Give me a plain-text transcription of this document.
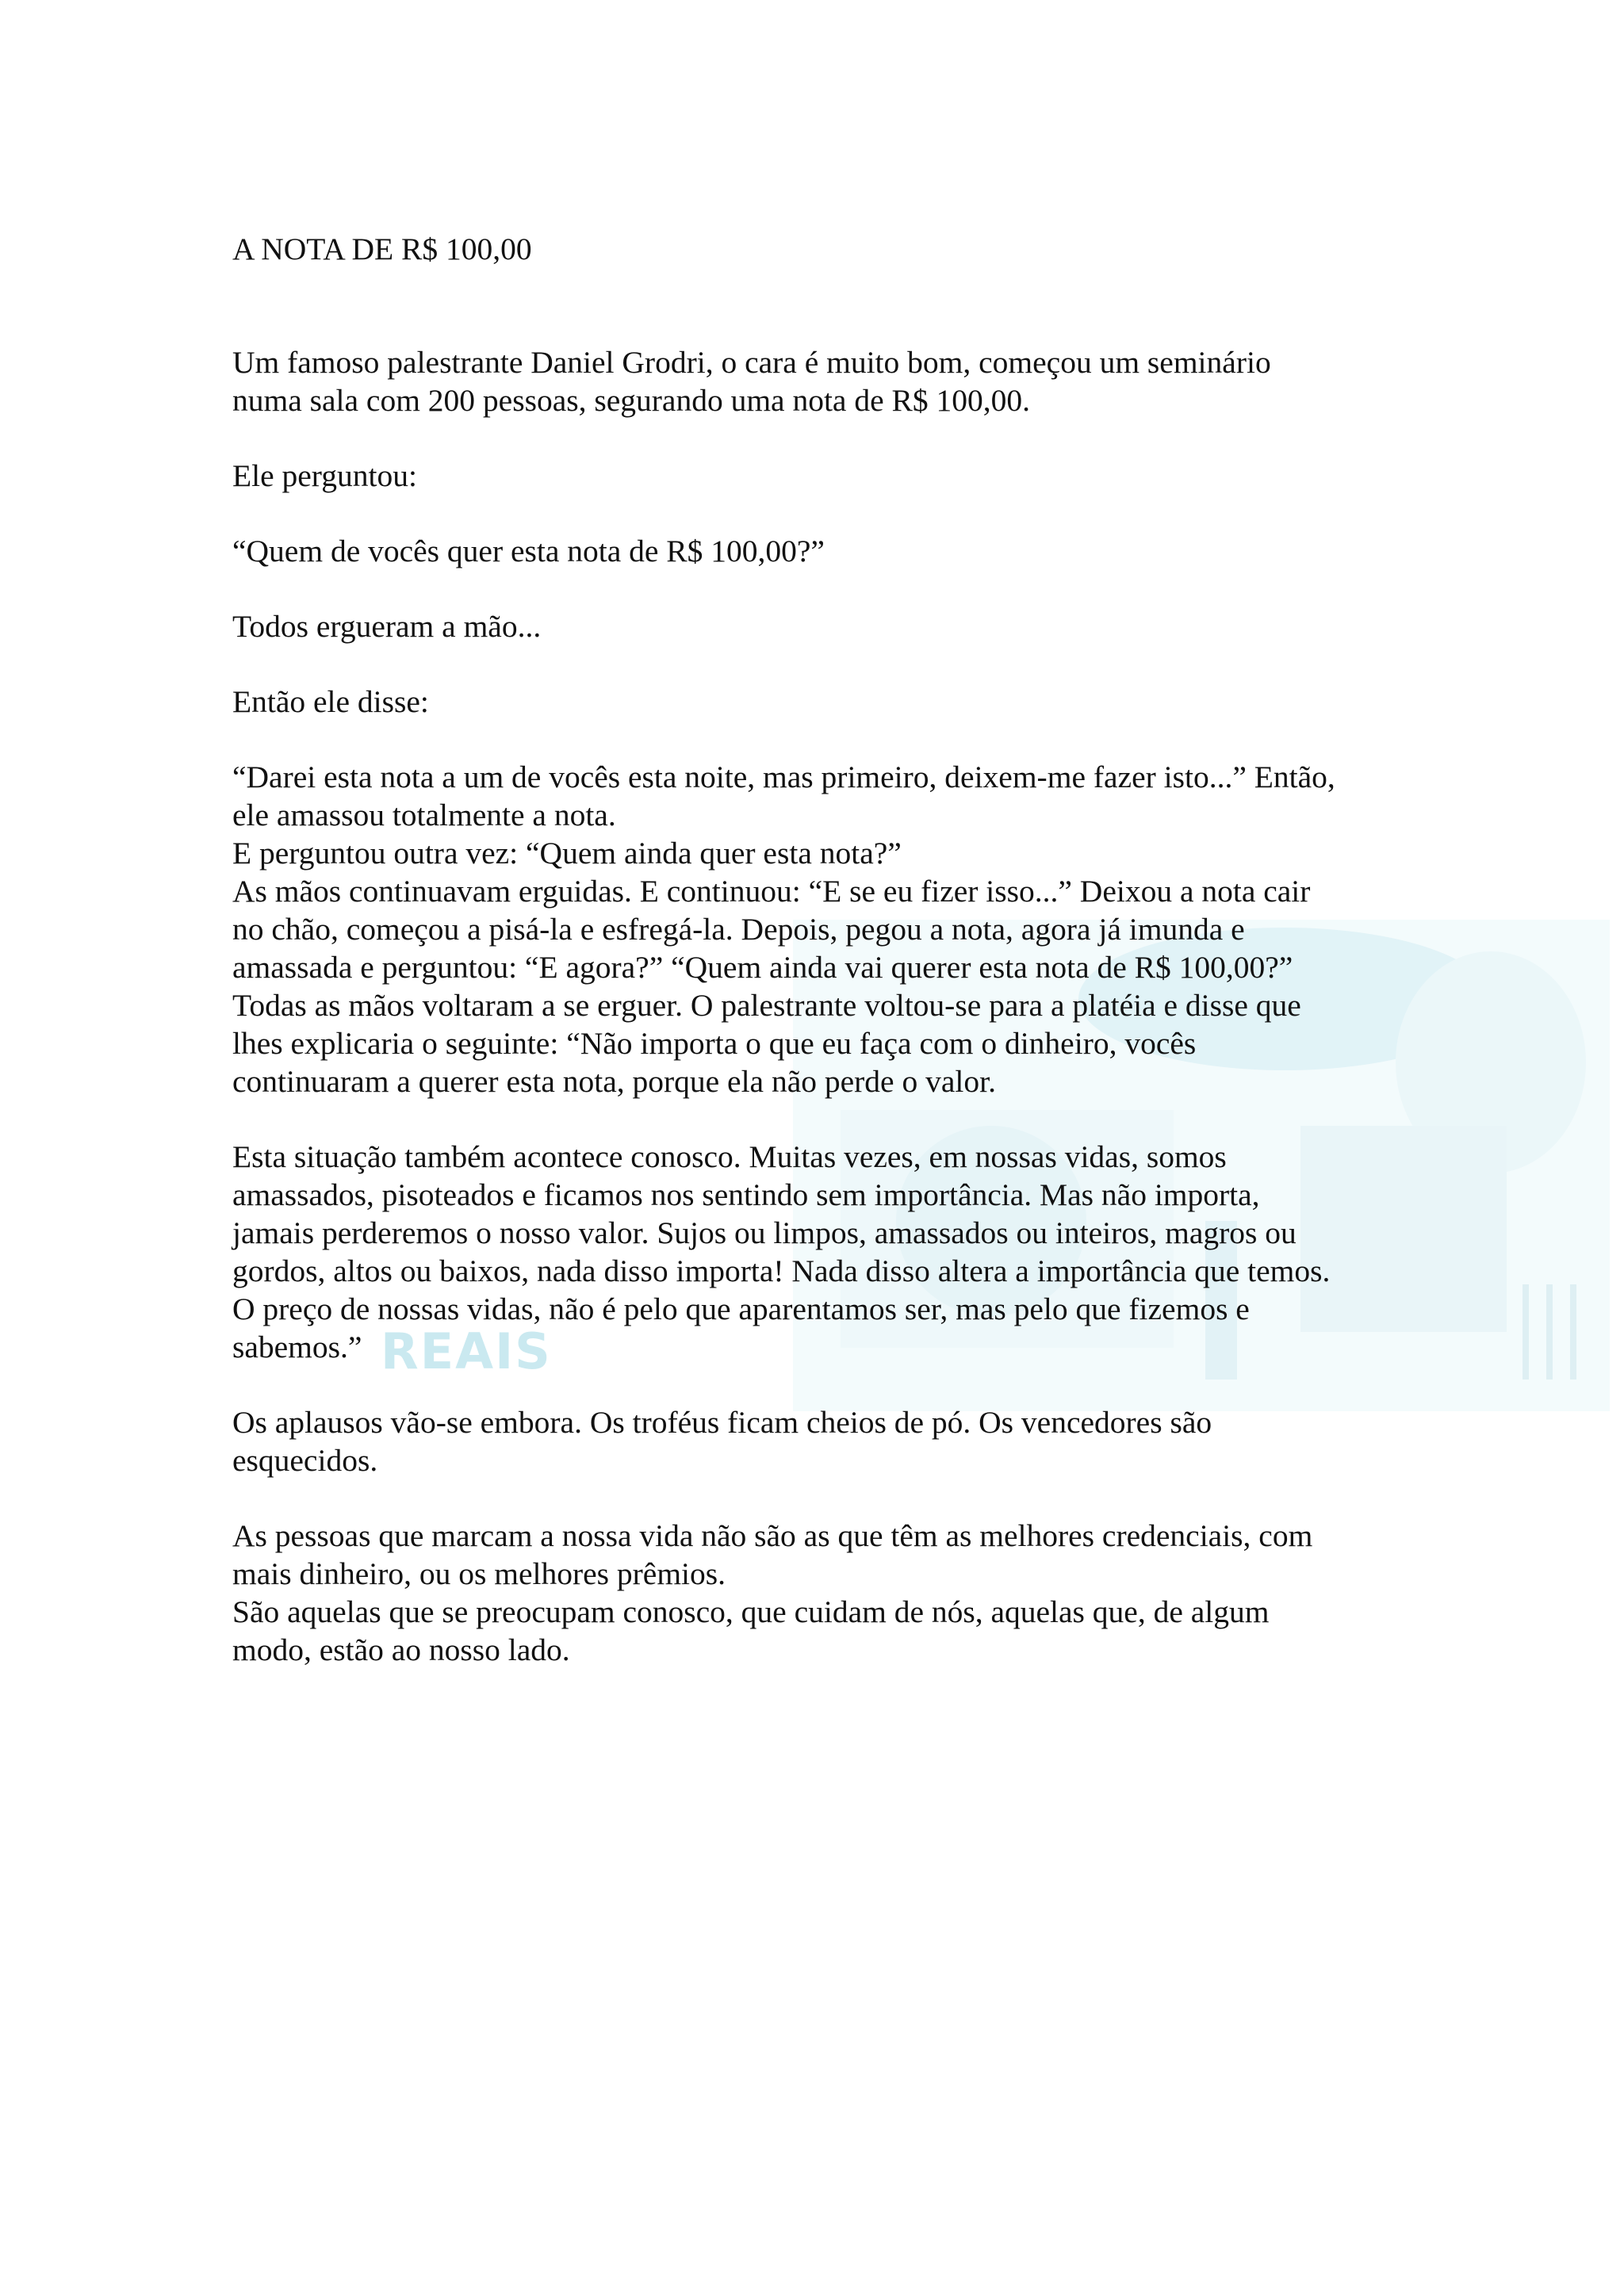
REAIS
A NOTA DE R$ 100,00
Um famoso palestrante Daniel Grodri, o cara é muito bom, começou um seminário
numa sala com 200 pessoas, segurando uma nota de R$ 100,00.
Ele perguntou:
“Quem de vocês quer esta nota de R$ 100,00?”
Todos ergueram a mão...
Então ele disse:
“Darei esta nota a um de vocês esta noite, mas primeiro, deixem-me fazer isto...” Então,
ele amassou totalmente a nota.
E perguntou outra vez: “Quem ainda quer esta nota?”
As mãos continuavam erguidas. E continuou: “E se eu fizer isso...” Deixou a nota cair
no chão, começou a pisá-la e esfregá-la. Depois, pegou a nota, agora já imunda e
amassada e perguntou: “E agora?” “Quem ainda vai querer esta nota de R$ 100,00?”
Todas as mãos voltaram a se erguer. O palestrante voltou-se para a platéia e disse que
lhes explicaria o seguinte: “Não importa o que eu faça com o dinheiro, vocês
continuaram a querer esta nota, porque ela não perde o valor.
Esta situação também acontece conosco. Muitas vezes, em nossas vidas, somos
amassados, pisoteados e ficamos nos sentindo sem importância. Mas não importa,
jamais perderemos o nosso valor. Sujos ou limpos, amassados ou inteiros, magros ou
gordos, altos ou baixos, nada disso importa! Nada disso altera a importância que temos.
O preço de nossas vidas, não é pelo que aparentamos ser, mas pelo que fizemos e
sabemos.”
Os aplausos vão-se embora. Os troféus ficam cheios de pó. Os vencedores são
esquecidos.
As pessoas que marcam a nossa vida não são as que têm as melhores credenciais, com
mais dinheiro, ou os melhores prêmios.
São aquelas que se preocupam conosco, que cuidam de nós, aquelas que, de algum
modo, estão ao nosso lado.
